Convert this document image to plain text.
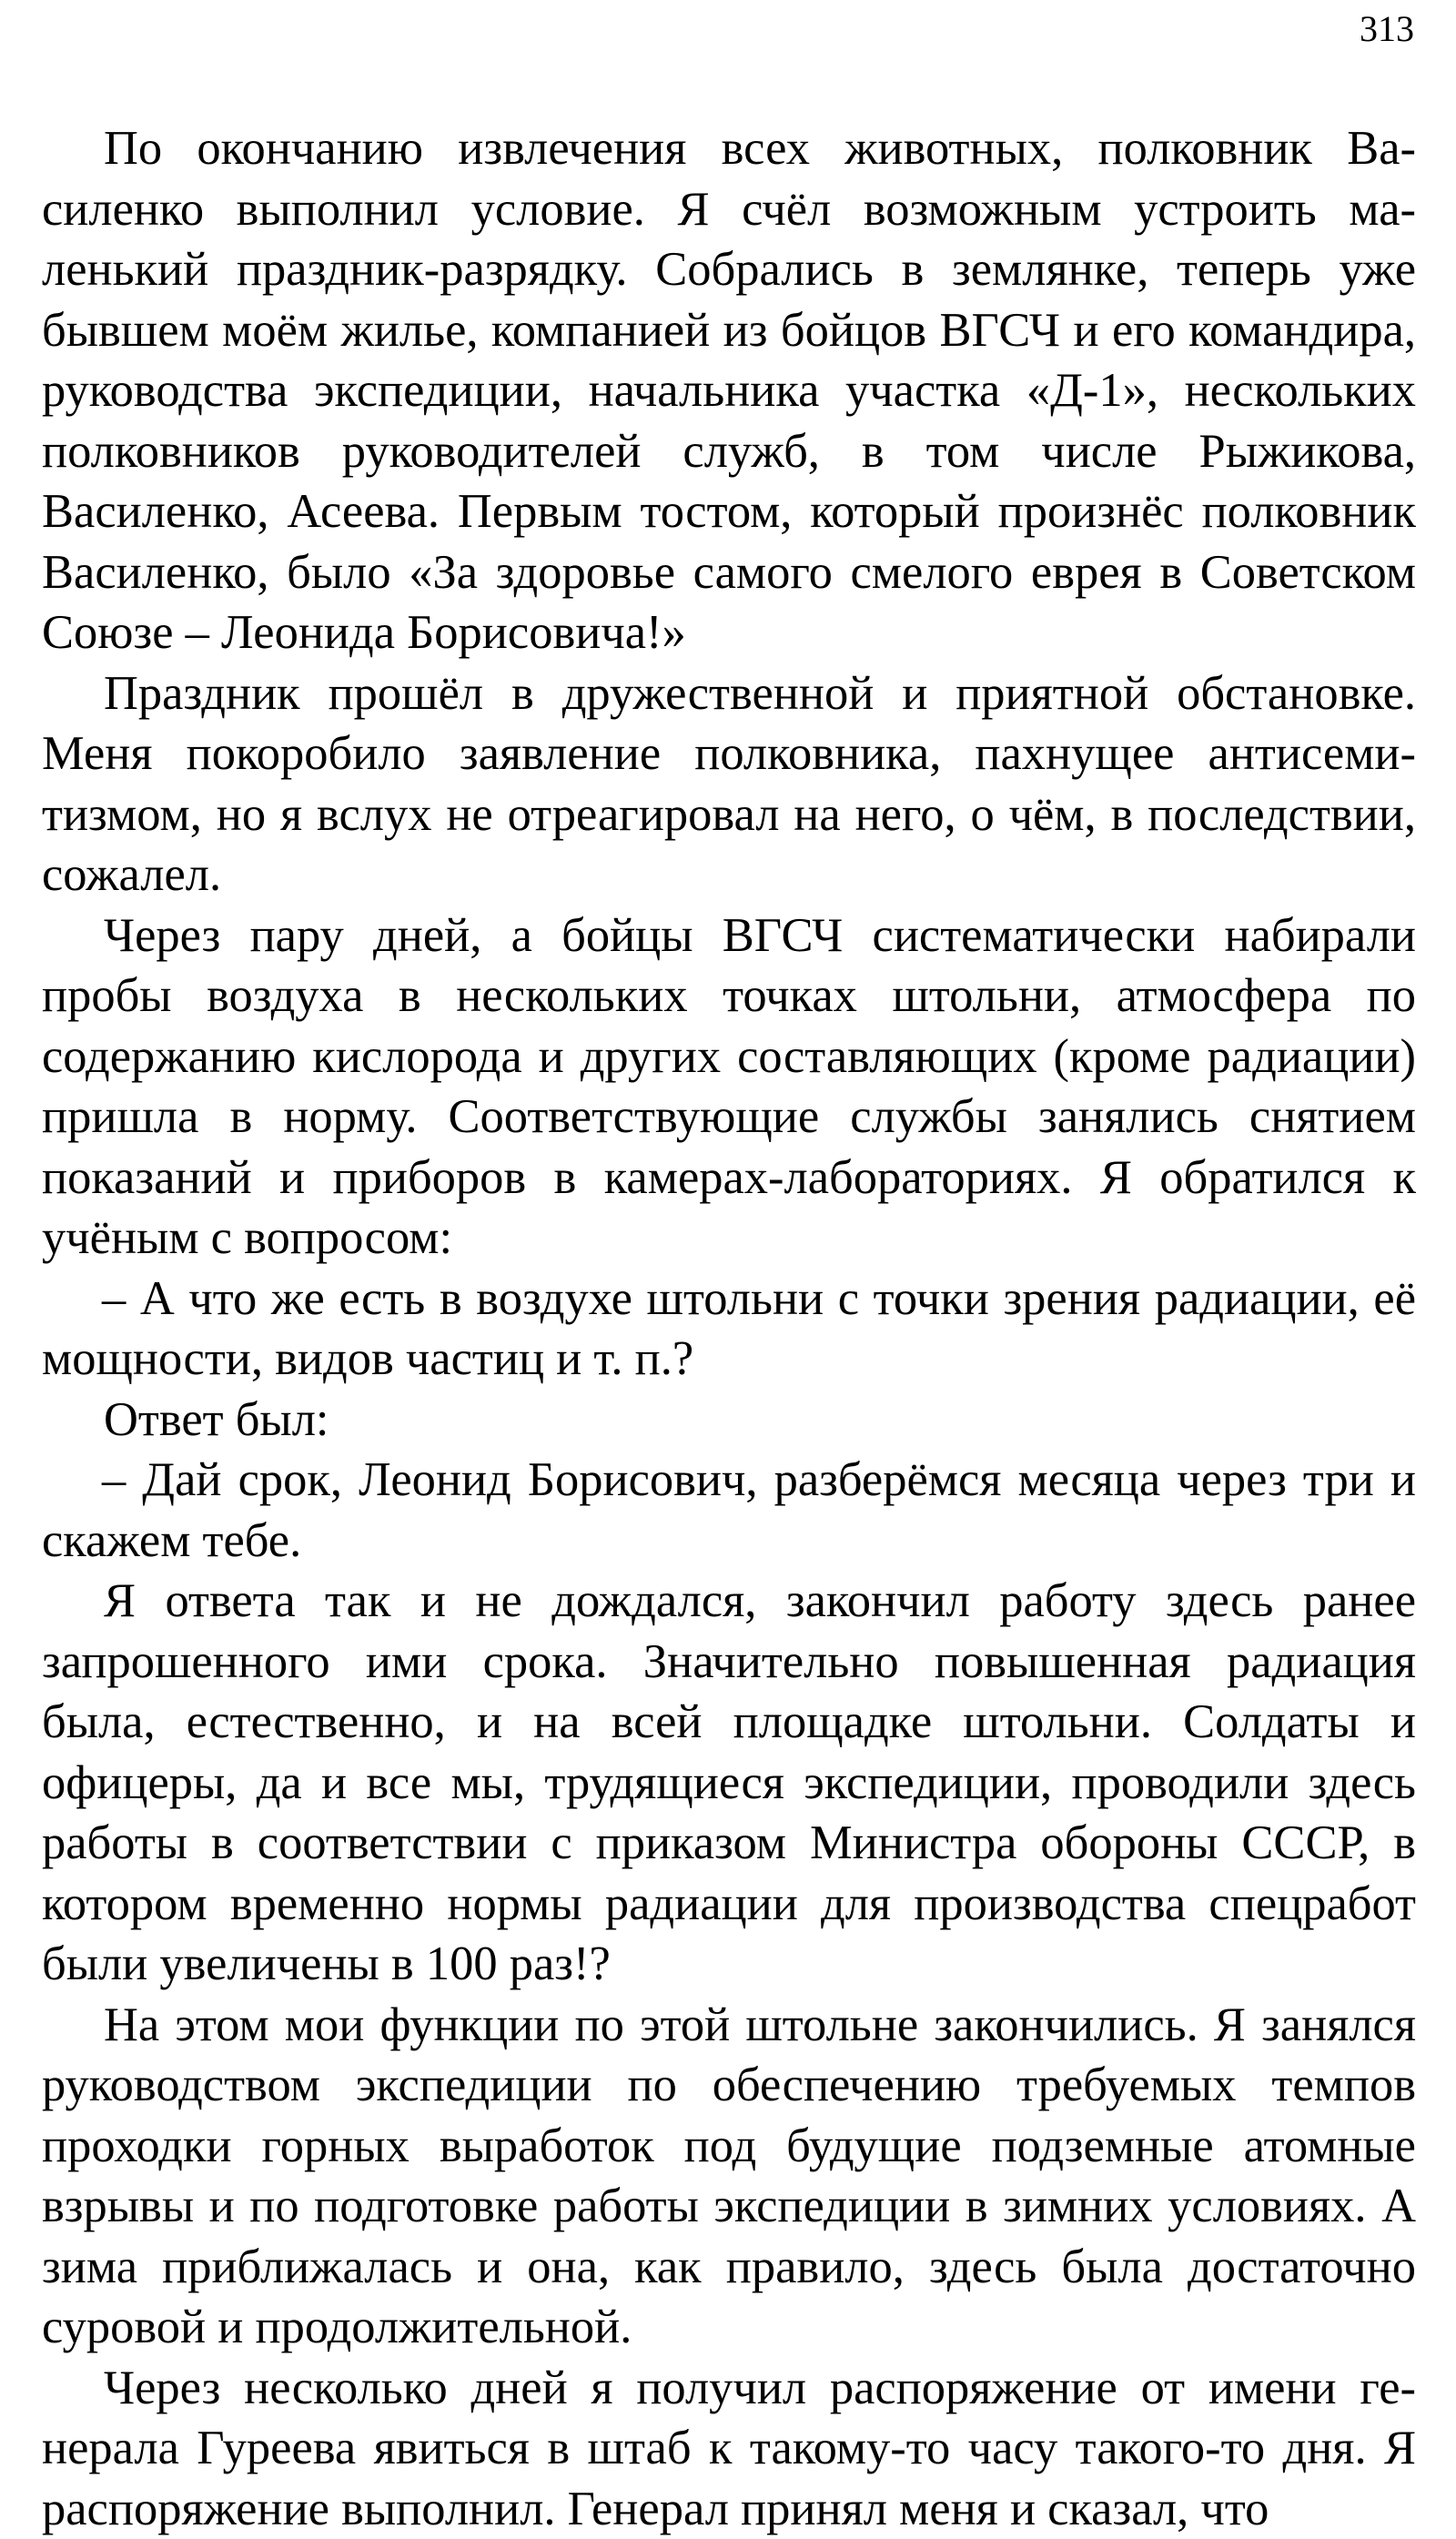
313

По окончанию извлечения всех животных, полковник Василенко выполнил условие. Я счёл возможным устроить маленький праздник-разрядку. Собрались в землянке, теперь уже бывшем моём жилье, компанией из бойцов ВГСЧ и его командира, руководства экспедиции, начальника участка «Д-1», нескольких полковников руководителей служб, в том числе Рыжикова, Василенко, Асеева. Первым тостом, который произнёс полковник Василенко, было «За здоровье самого смелого еврея в Советском Союзе – Леонида Борисовича!»

Праздник прошёл в дружественной и приятной обстановке. Меня покоробило заявление полковника, пахнущее антисемитизмом, но я вслух не отреагировал на него, о чём, в последствии, сожалел.

Через пару дней, а бойцы ВГСЧ систематически набирали пробы воздуха в нескольких точках штольни, атмосфера по содержанию кислорода и других составляющих (кроме радиации) пришла в норму. Соответствующие службы занялись снятием показаний и приборов в камерах-лабораториях. Я обратился к учёным с вопросом:

– А что же есть в воздухе штольни с точки зрения радиации, её мощности, видов частиц и т. п.?

Ответ был:

– Дай срок, Леонид Борисович, разберёмся месяца через три и скажем тебе.

Я ответа так и не дождался, закончил работу здесь ранее запрошенного ими срока. Значительно повышенная радиация была, естественно, и на всей площадке штольни. Солдаты и офицеры, да и все мы, трудящиеся экспедиции, проводили здесь работы в соответствии с приказом Министра обороны СССР, в котором временно нормы радиации для производства спецработ были увеличены в 100 раз!?

На этом мои функции по этой штольне закончились. Я занялся руководством экспедиции по обеспечению требуемых темпов проходки горных выработок под будущие подземные атомные взрывы и по подготовке работы экспедиции в зимних условиях. А зима приближалась и она, как правило, здесь была достаточно суровой и продолжительной.

Через несколько дней я получил распоряжение от имени генерала Гуреева явиться в штаб к такому-то часу такого-то дня. Я распоряжение выполнил. Генерал принял меня и сказал, что
